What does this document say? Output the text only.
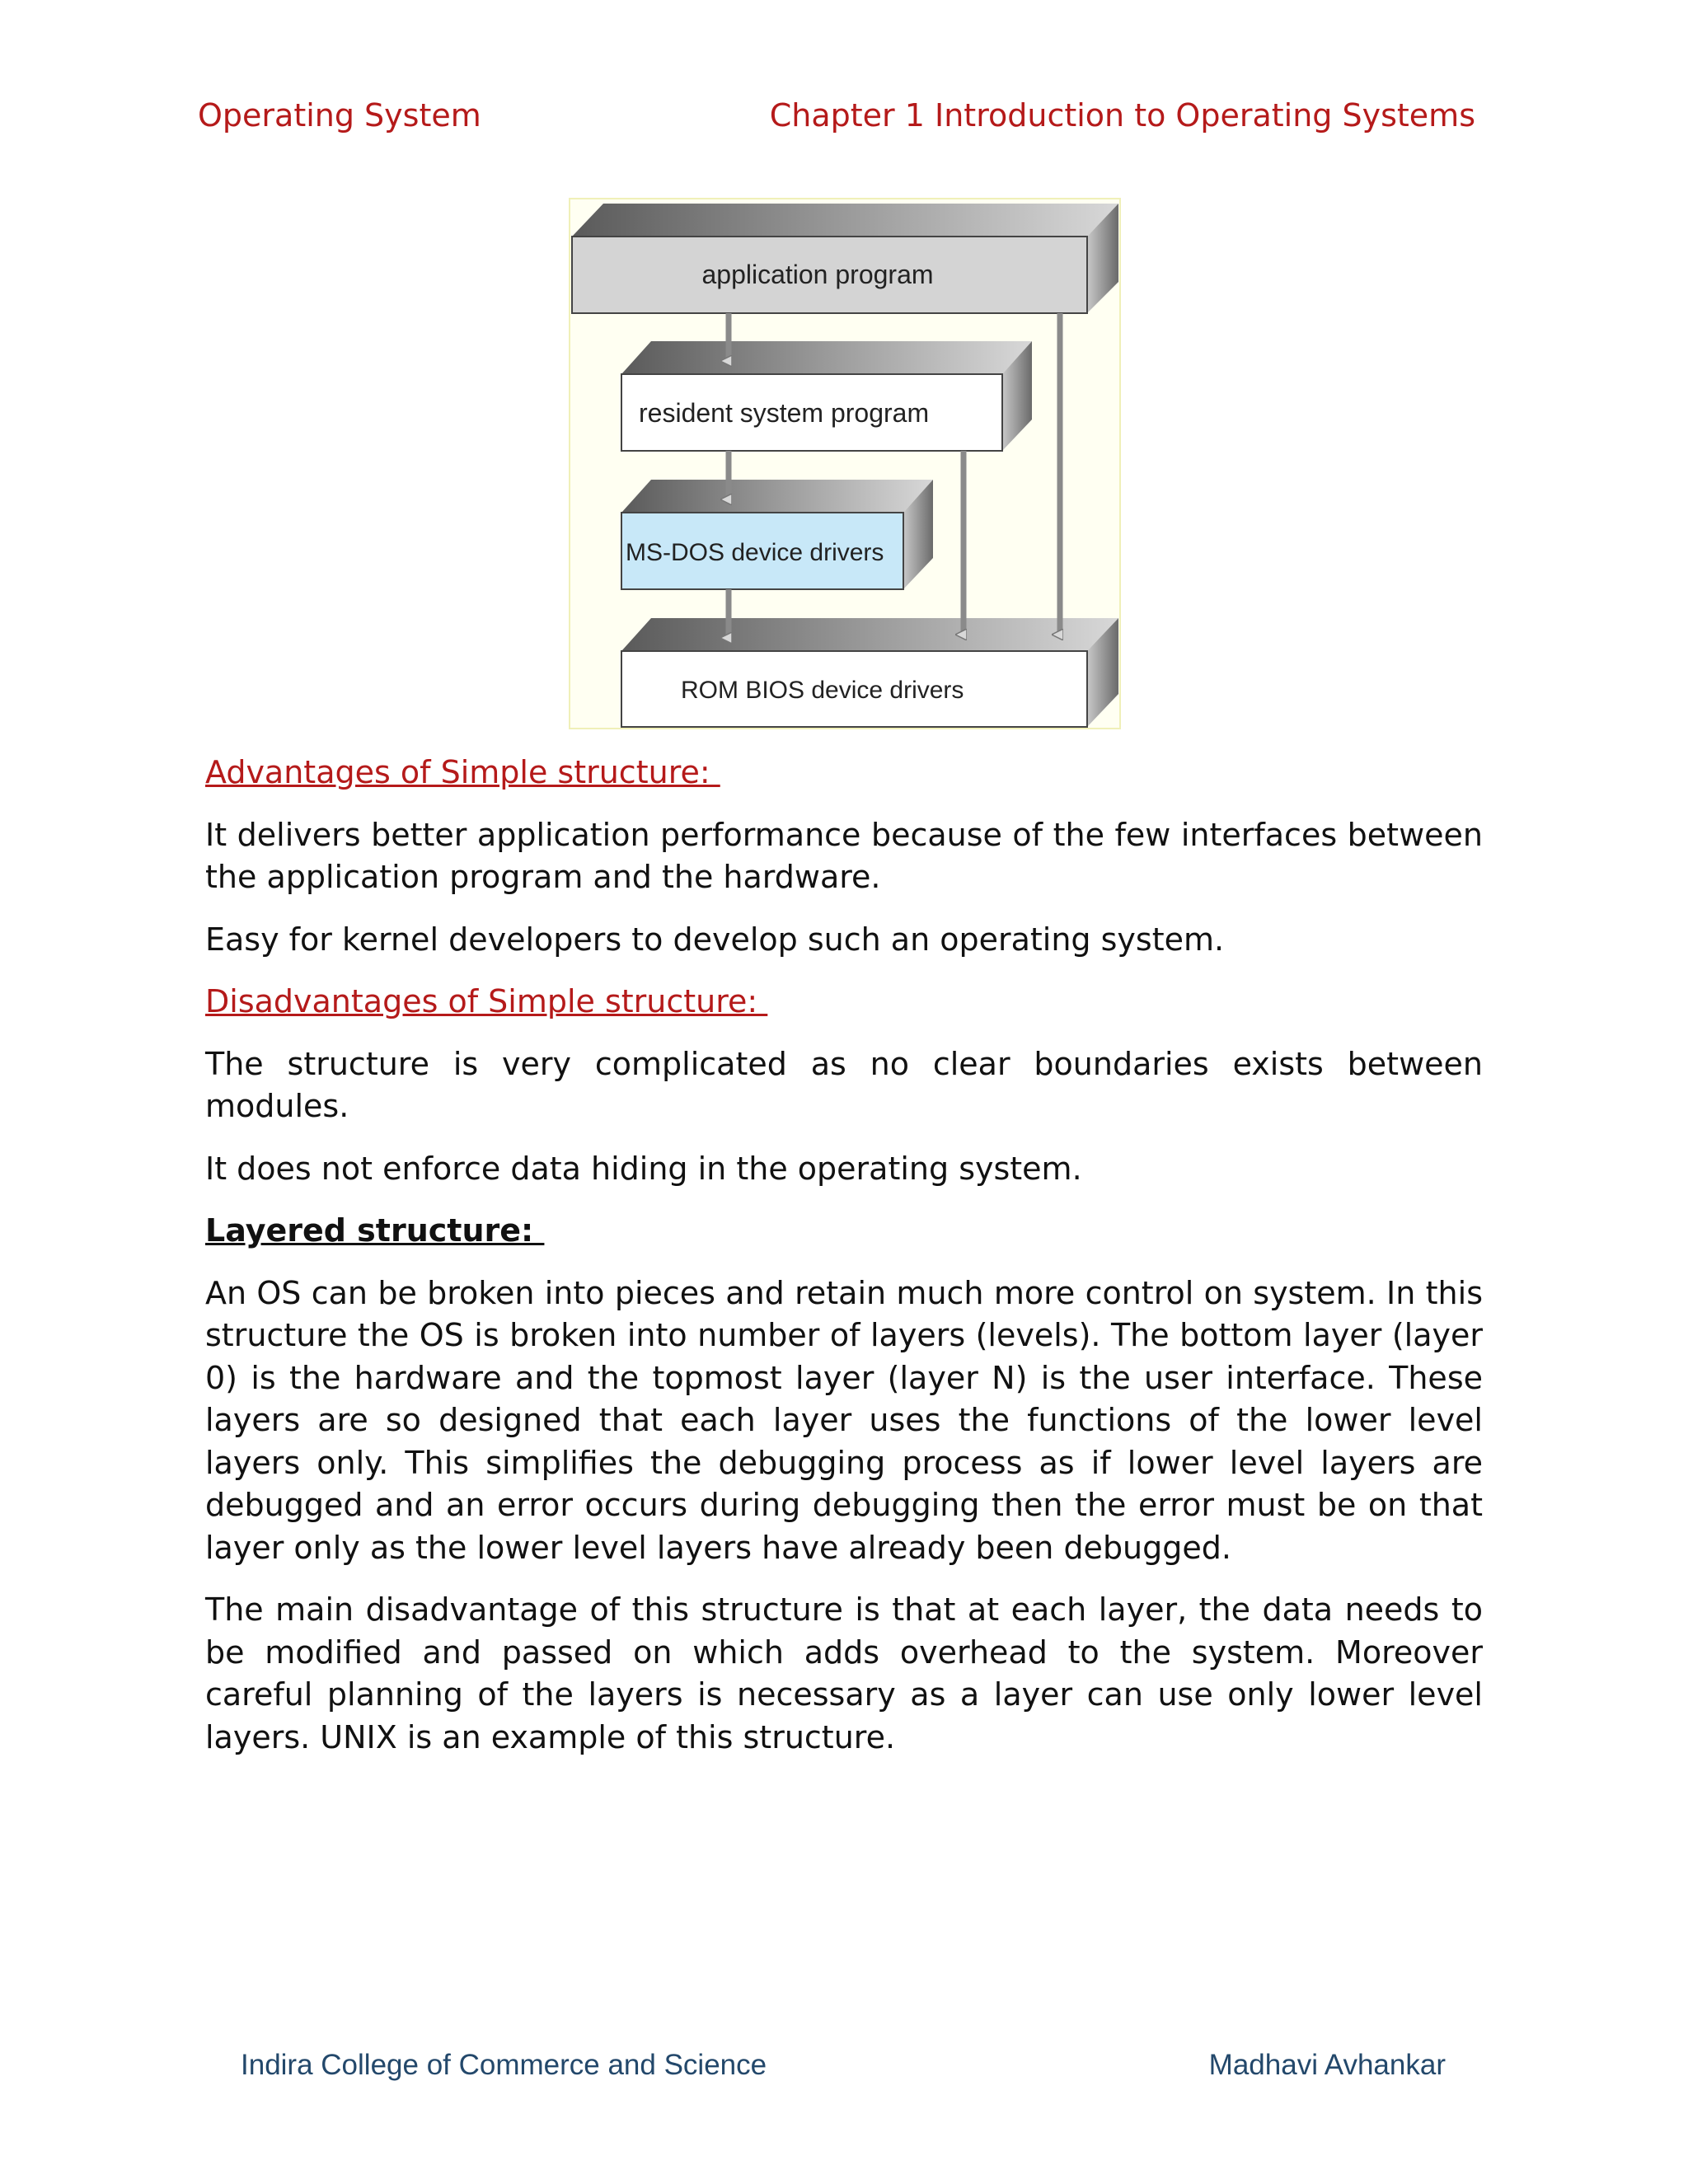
Operating System	Chapter 1 Introduction to Operating Systems
application program
resident system program
MS-DOS device drivers
ROM BIOS device drivers
Advantages of Simple structure:

It delivers better application performance because of the few interfaces between the application program and the hardware.

Easy for kernel developers to develop such an operating system.

Disadvantages of Simple structure:

The structure is very complicated as no clear boundaries exists between modules.

It does not enforce data hiding in the operating system.

Layered structure:

An OS can be broken into pieces and retain much more control on system. In this structure the OS is broken into number of layers (levels). The bottom layer (layer 0) is the hardware and the topmost layer (layer N) is the user interface. These layers are so designed that each layer uses the functions of the lower level layers only. This simplifies the debugging process as if lower level layers are debugged and an error occurs during debugging then the error must be on that layer only as the lower level layers have already been debugged.

The main disadvantage of this structure is that at each layer, the data needs to be modified and passed on which adds overhead to the system. Moreover careful planning of the layers is necessary as a layer can use only lower level layers. UNIX is an example of this structure.

Indira College of Commerce and Science	Madhavi Avhankar
